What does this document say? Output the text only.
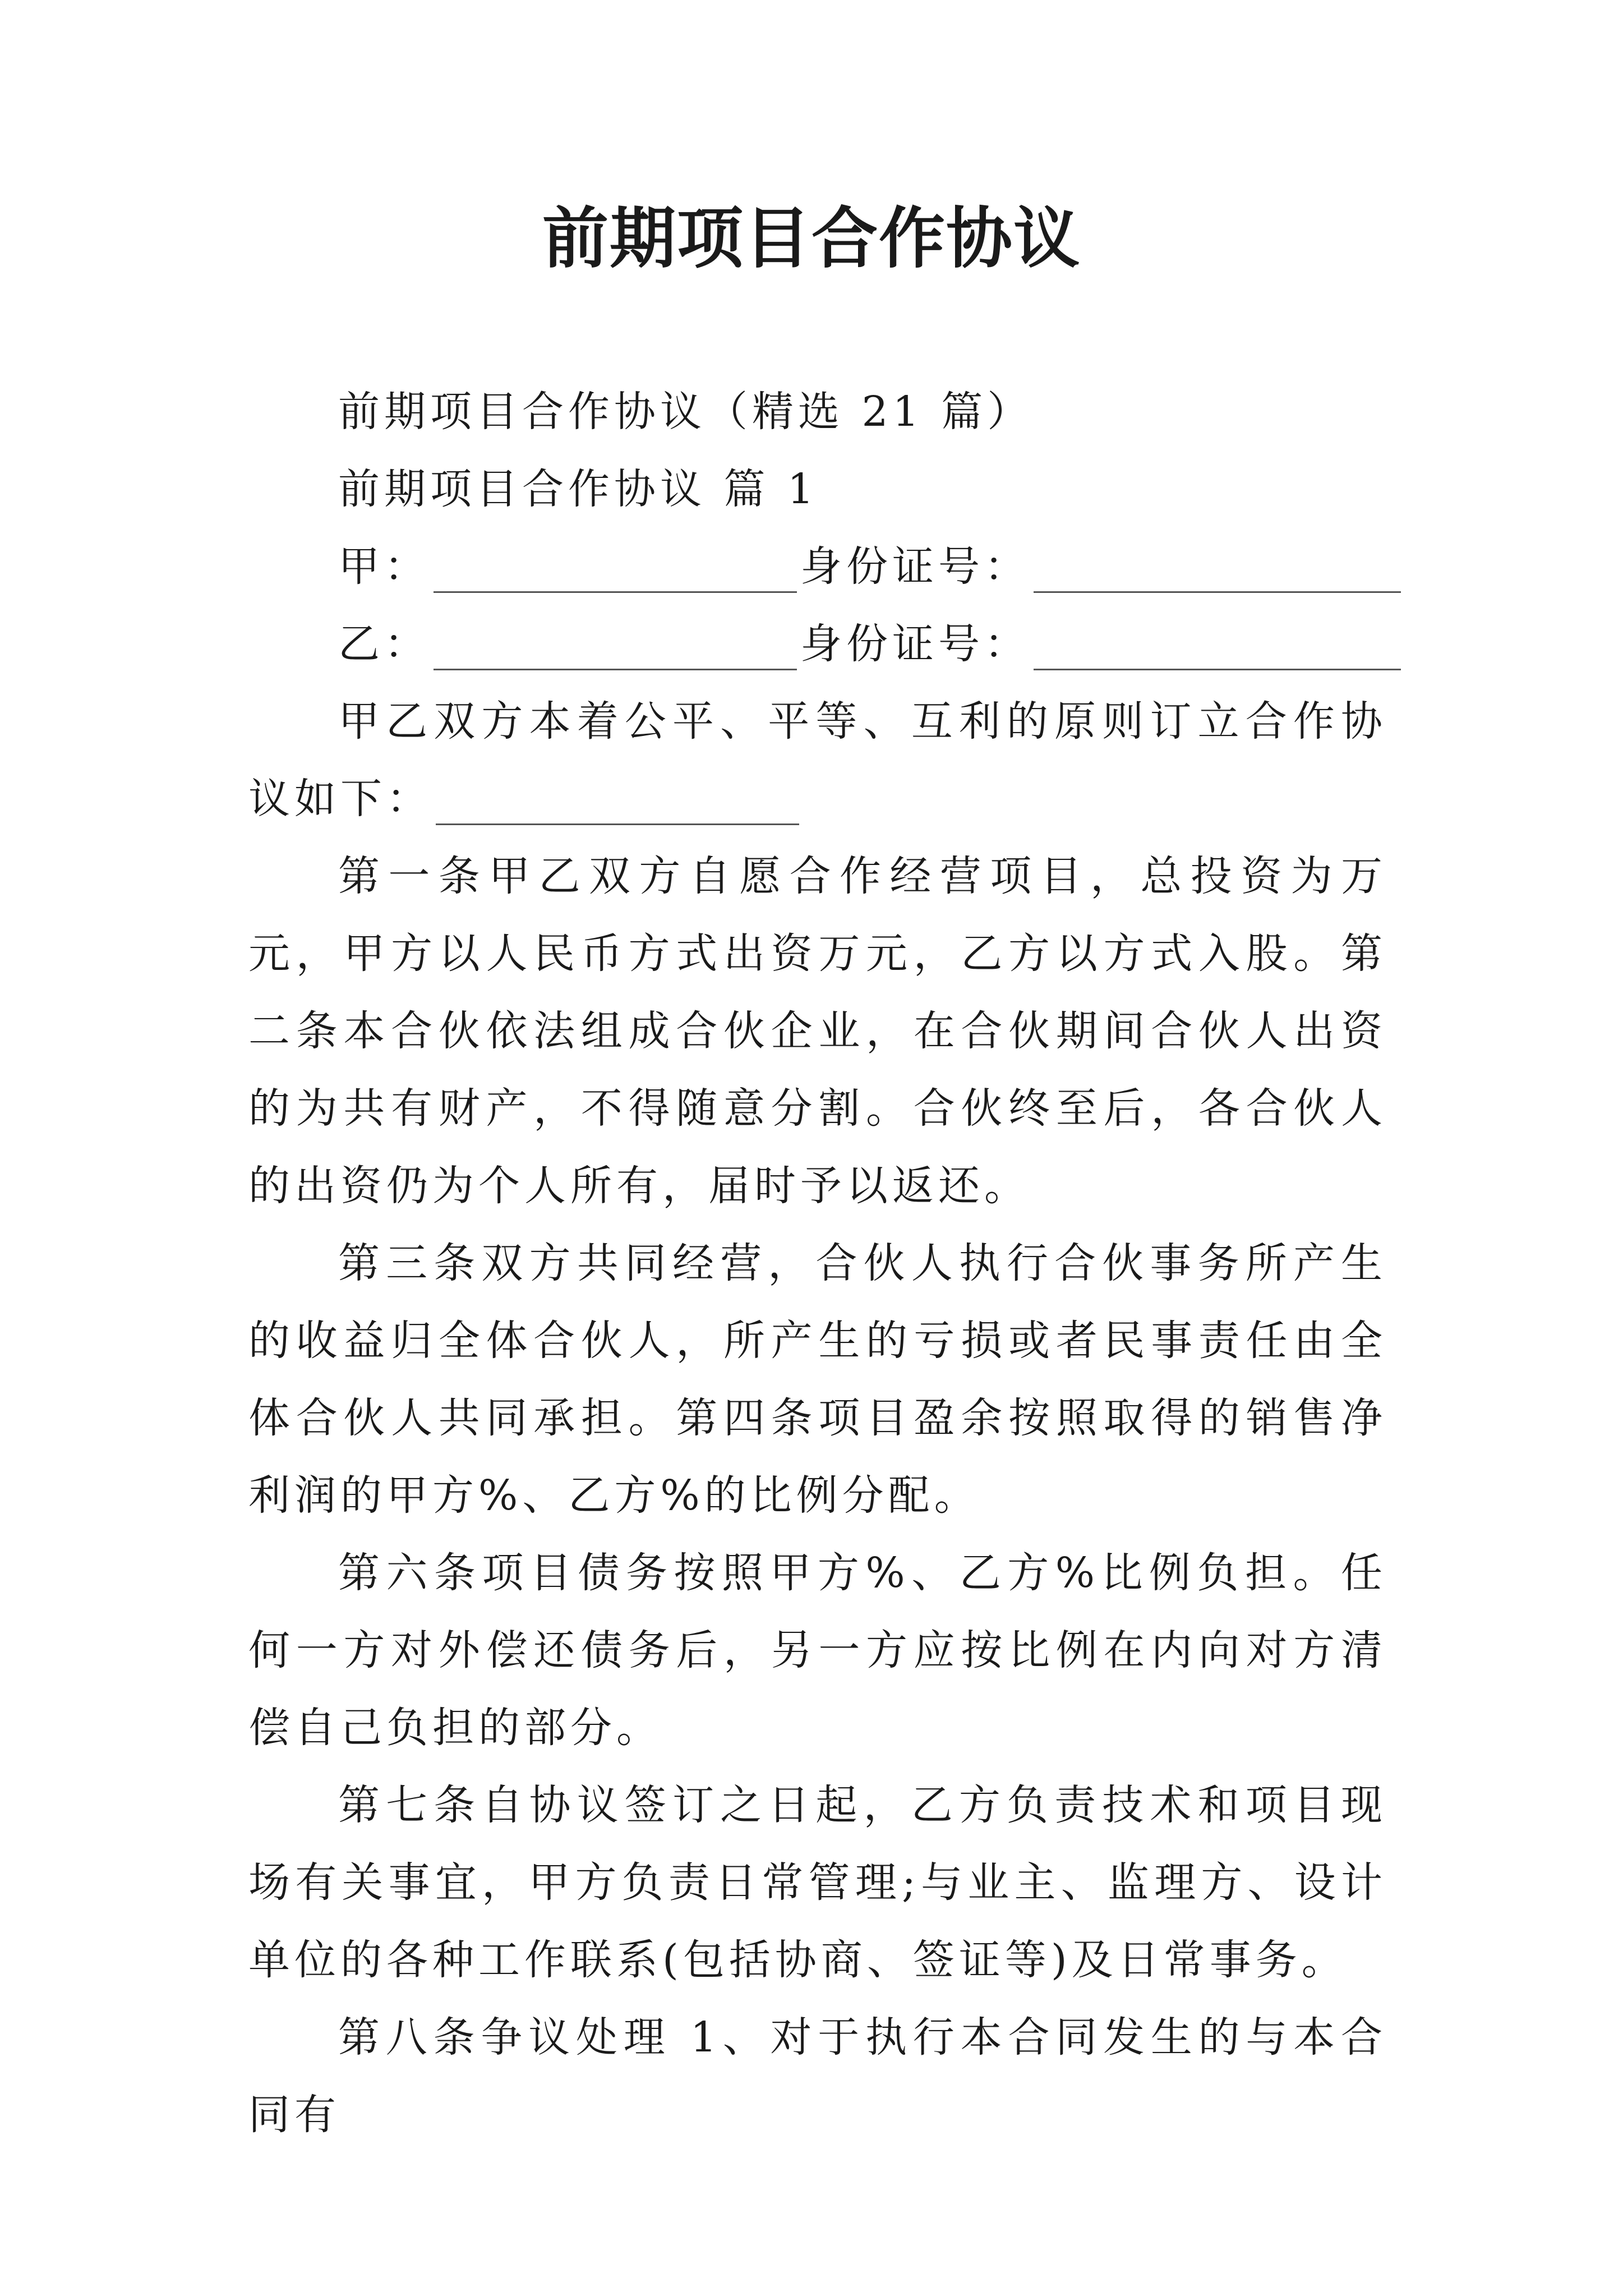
前期项目合作协议

前期项目合作协议（精选 21 篇）

前期项目合作协议 篇 1

甲：	身份证号：

乙：	身份证号：

甲乙双方本着公平、平等、互利的原则订立合作协议如下：

第一条甲乙双方自愿合作经营项目，总投资为万元，甲方以人民币方式出资万元，乙方以方式入股。第二条本合伙依法组成合伙企业，在合伙期间合伙人出资的为共有财产，不得随意分割。合伙终至后，各合伙人的出资仍为个人所有，届时予以返还。

第三条双方共同经营，合伙人执行合伙事务所产生的收益归全体合伙人，所产生的亏损或者民事责任由全体合伙人共同承担。第四条项目盈余按照取得的销售净利润的甲方%、乙方%的比例分配。

第六条项目债务按照甲方%、乙方%比例负担。任何一方对外偿还债务后，另一方应按比例在内向对方清偿自己负担的部分。

第七条自协议签订之日起，乙方负责技术和项目现场有关事宜，甲方负责日常管理;与业主、监理方、设计单位的各种工作联系(包括协商、签证等)及日常事务。

第八条争议处理 1、对于执行本合同发生的与本合同有
